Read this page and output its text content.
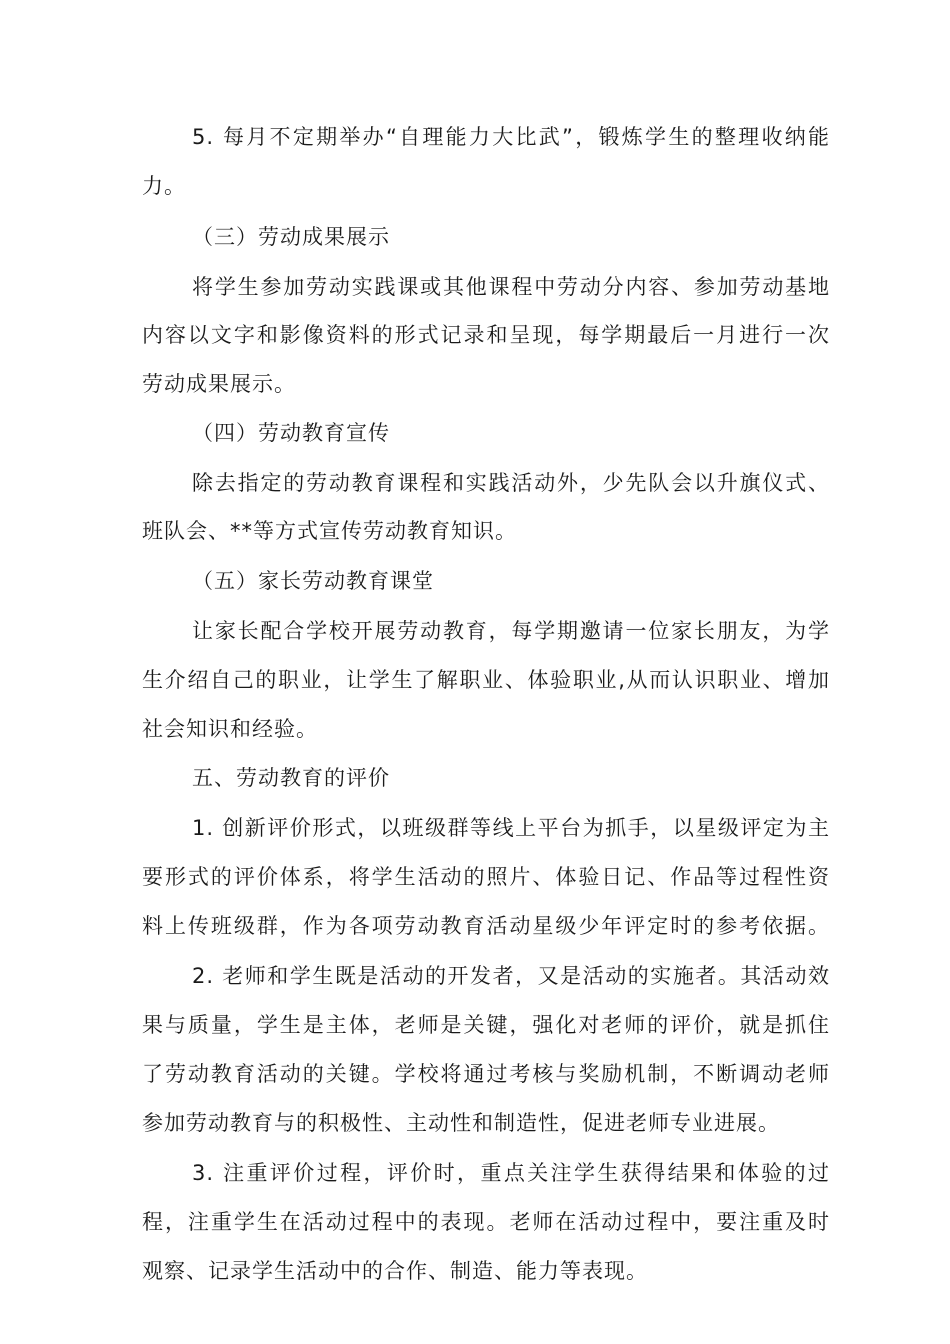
5. 每月不定期举办“自理能力大比武”，锻炼学生的整理收纳能
力。
（三）劳动成果展示
将学生参加劳动实践课或其他课程中劳动分内容、参加劳动基地
内容以文字和影像资料的形式记录和呈现，每学期最后一月进行一次
劳动成果展示。
（四）劳动教育宣传
除去指定的劳动教育课程和实践活动外，少先队会以升旗仪式、
班队会、**等方式宣传劳动教育知识。
（五）家长劳动教育课堂
让家长配合学校开展劳动教育，每学期邀请一位家长朋友，为学
生介绍自己的职业，让学生了解职业、体验职业,从而认识职业、增加
社会知识和经验。
五、劳动教育的评价
1. 创新评价形式，以班级群等线上平台为抓手，以星级评定为主
要形式的评价体系，将学生活动的照片、体验日记、作品等过程性资
料上传班级群，作为各项劳动教育活动星级少年评定时的参考依据。
2. 老师和学生既是活动的开发者，又是活动的实施者。其活动效
果与质量，学生是主体，老师是关键，强化对老师的评价，就是抓住
了劳动教育活动的关键。学校将通过考核与奖励机制，不断调动老师
参加劳动教育与的积极性、主动性和制造性，促进老师专业进展。
3. 注重评价过程，评价时，重点关注学生获得结果和体验的过
程，注重学生在活动过程中的表现。老师在活动过程中，要注重及时
观察、记录学生活动中的合作、制造、能力等表现。
